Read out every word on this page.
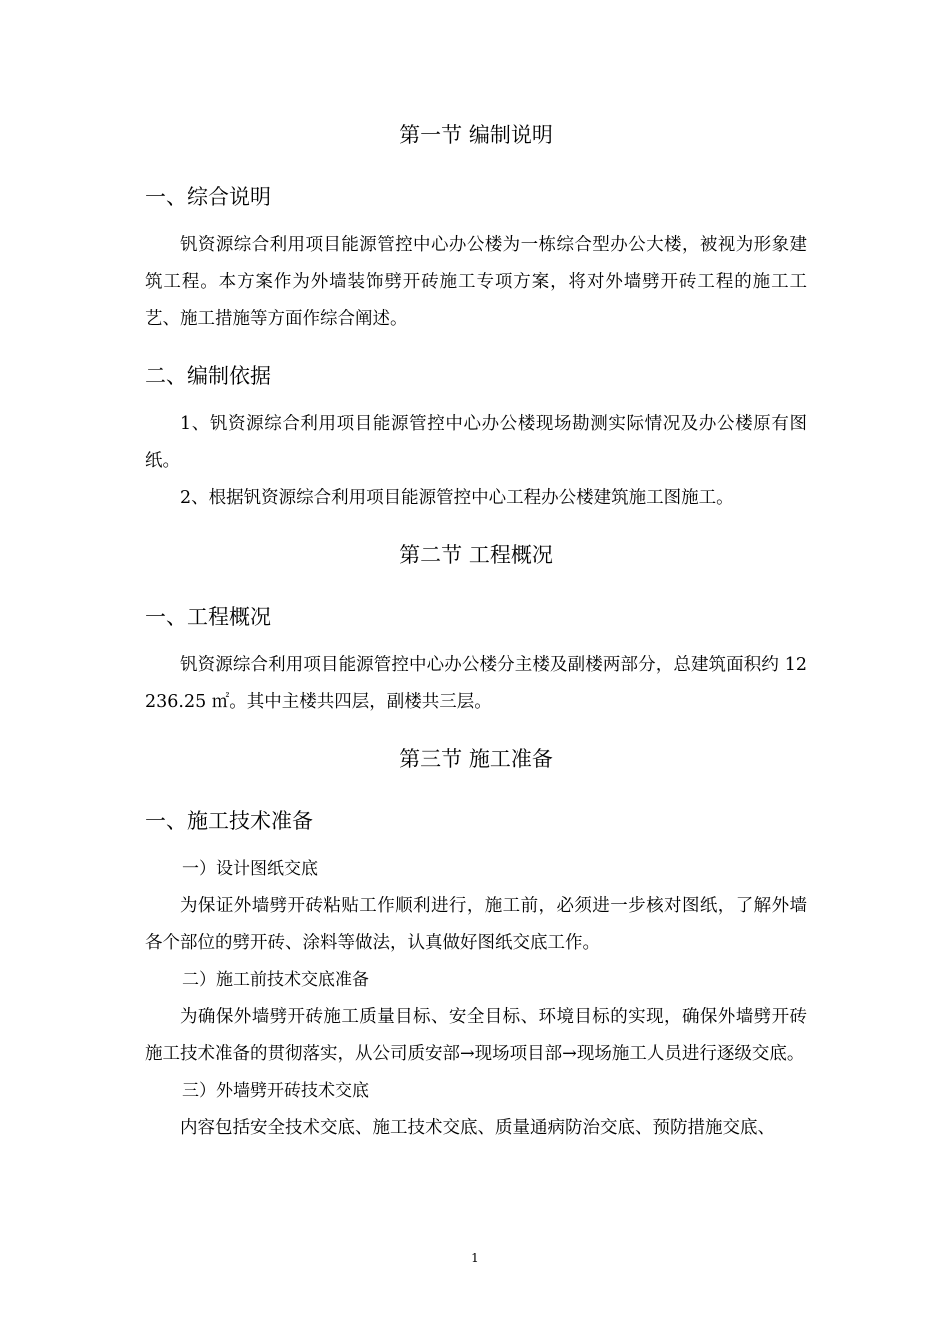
第一节 编制说明
一、综合说明

钒资源综合利用项目能源管控中心办公楼为一栋综合型办公大楼，被视为形象建筑工程。本方案作为外墙装饰劈开砖施工专项方案，将对外墙劈开砖工程的施工工艺、施工措施等方面作综合阐述。

二、编制依据

1、钒资源综合利用项目能源管控中心办公楼现场勘测实际情况及办公楼原有图纸。

2、根据钒资源综合利用项目能源管控中心工程办公楼建筑施工图施工。

第二节 工程概况
一、工程概况

钒资源综合利用项目能源管控中心办公楼分主楼及副楼两部分，总建筑面积约 12236.25 ㎡。其中主楼共四层，副楼共三层。

第三节 施工准备
一、施工技术准备

一）设计图纸交底

为保证外墙劈开砖粘贴工作顺利进行，施工前，必须进一步核对图纸，了解外墙各个部位的劈开砖、涂料等做法，认真做好图纸交底工作。

二）施工前技术交底准备

为确保外墙劈开砖施工质量目标、安全目标、环境目标的实现，确保外墙劈开砖施工技术准备的贯彻落实，从公司质安部→现场项目部→现场施工人员进行逐级交底。

三）外墙劈开砖技术交底

内容包括安全技术交底、施工技术交底、质量通病防治交底、预防措施交底、

1
